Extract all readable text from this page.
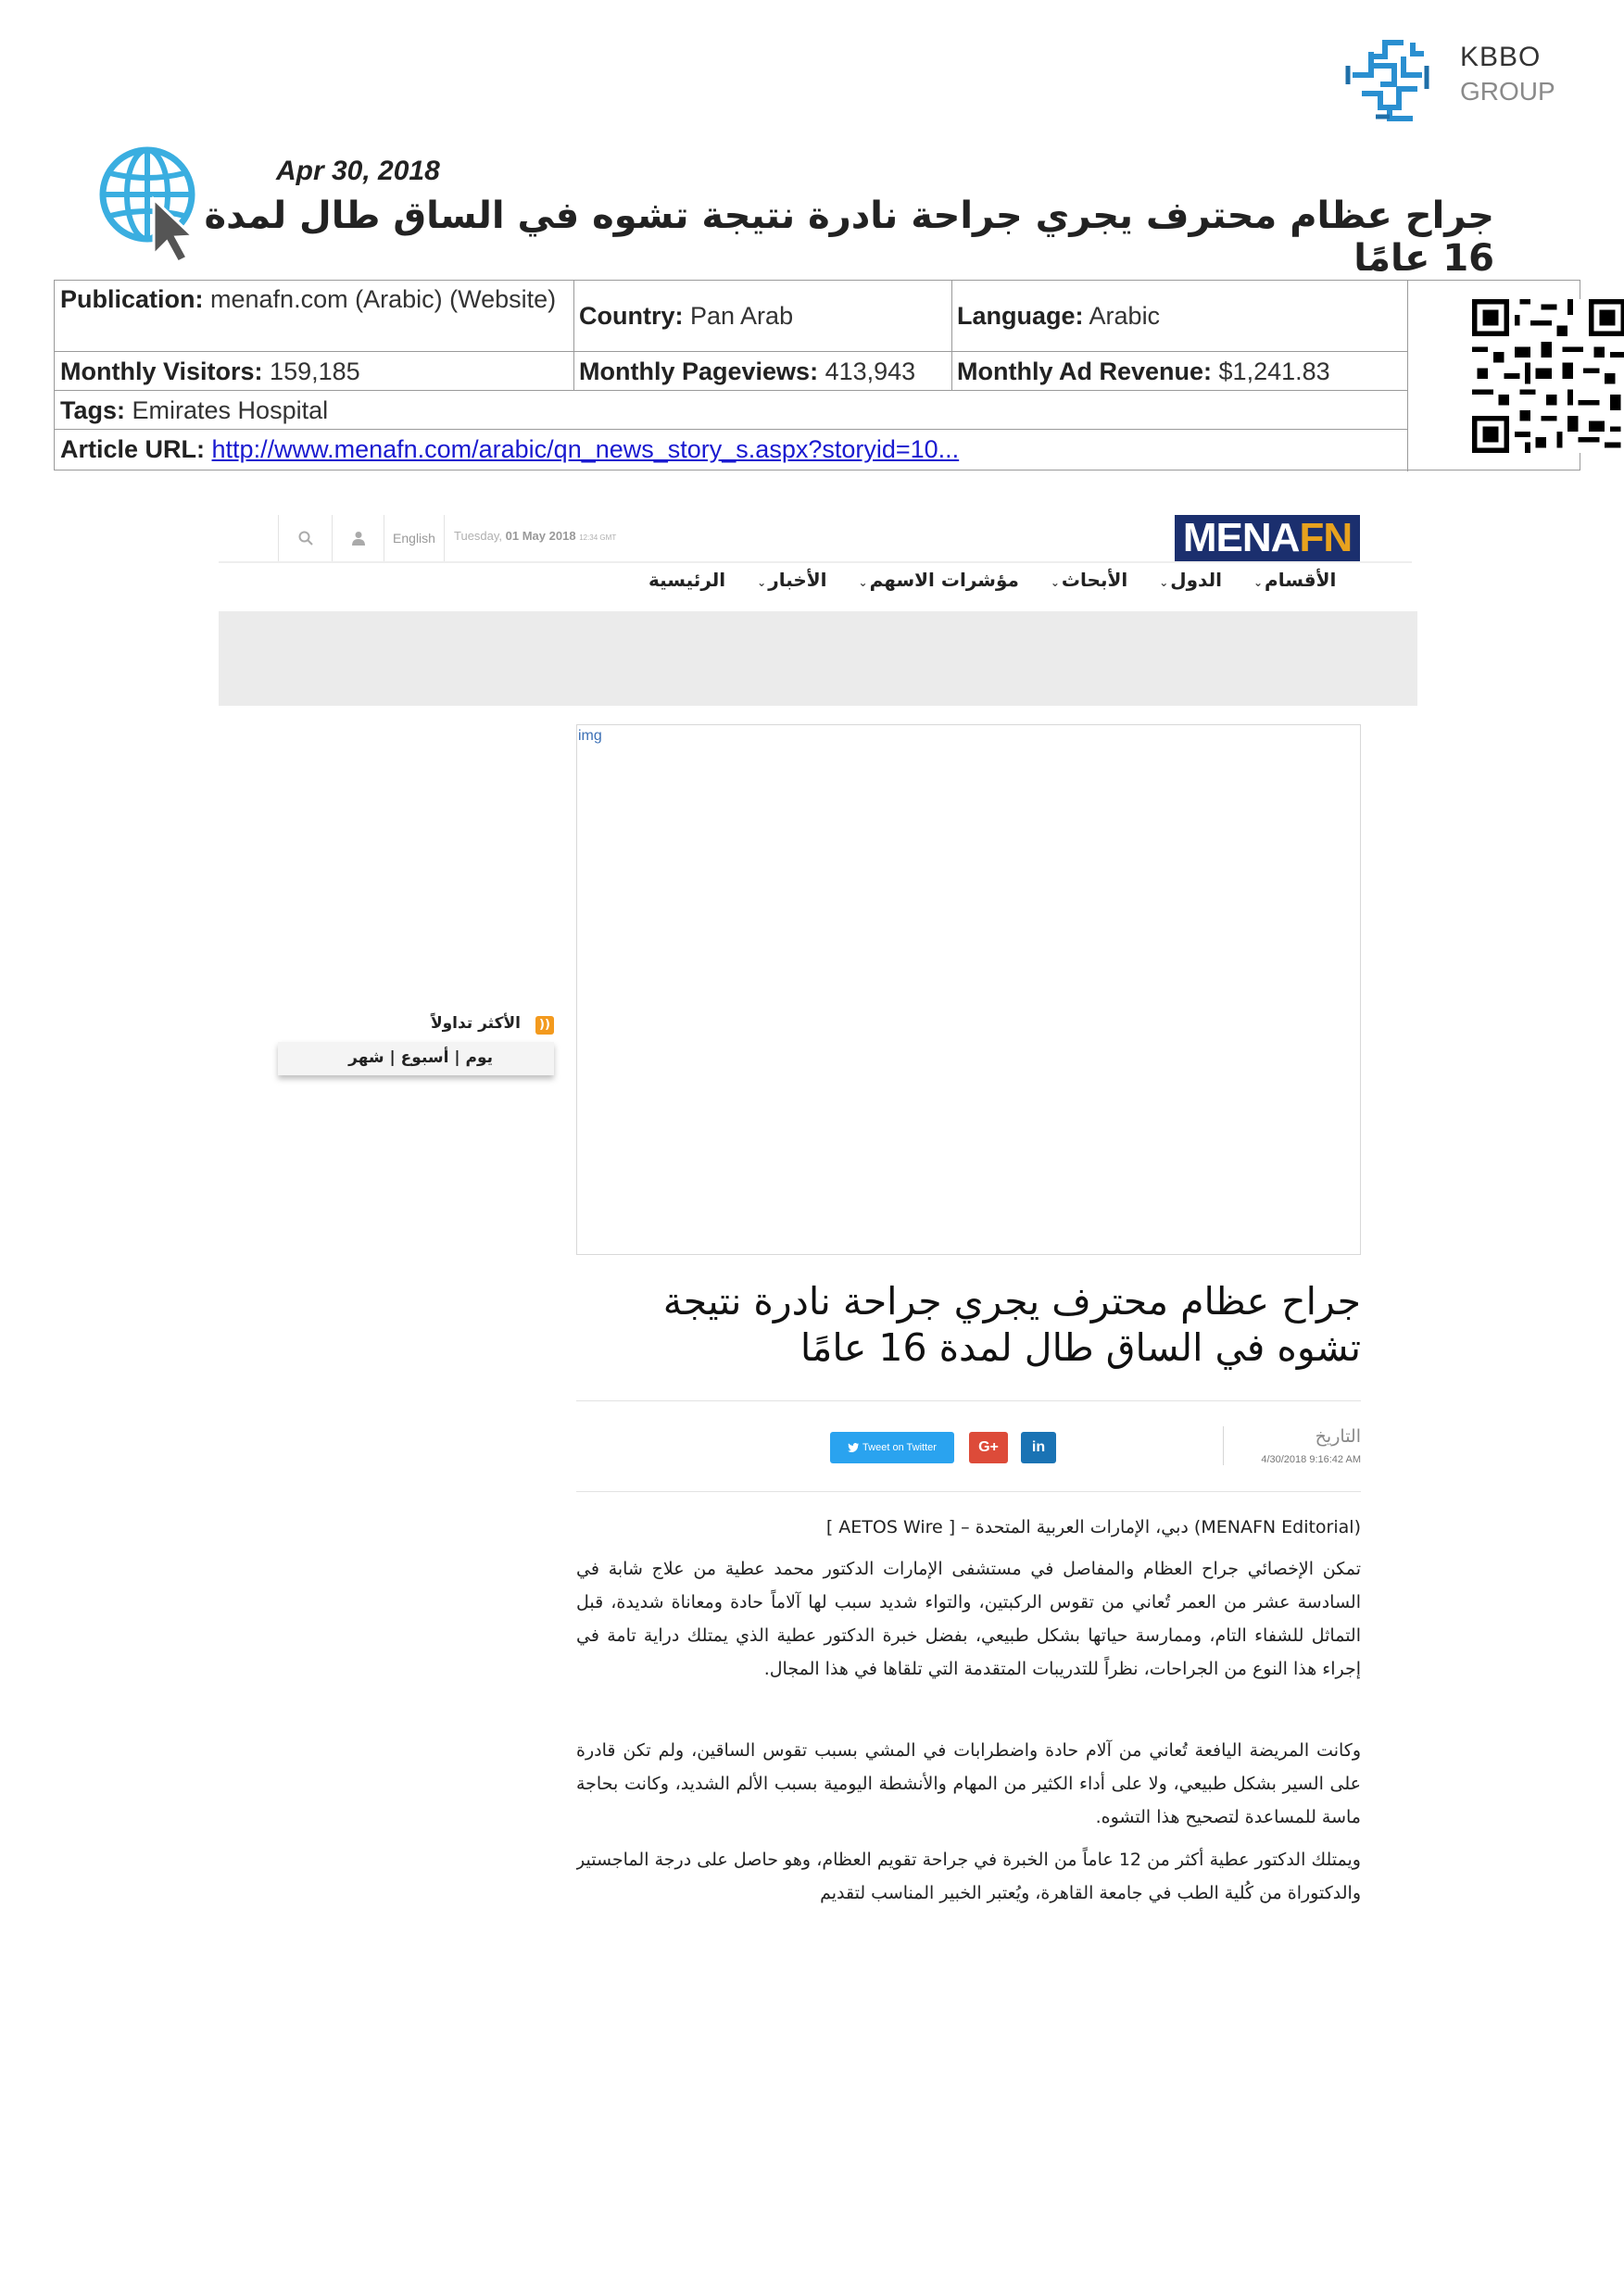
KBBO
GROUP
Apr 30, 2018
جراح عظام محترف يجري جراحة نادرة نتيجة تشوه في الساق طال لمدة 16 عامًا
Publication: menafn.com (Arabic) (Website)
Country: Pan Arab	Language: Arabic
Monthly Visitors: 159,185	Monthly Pageviews: 413,943	Monthly Ad Revenue: $1,241.83
Tags: Emirates Hospital
Article URL: http://www.menafn.com/arabic/qn_news_story_s.aspx?storyid=10...
English	Tuesday, 01 May 2018 12:34 GMT	MENAFN
الرئيسية	الأخبار⌄	مؤشرات الاسهم⌄	الأبحاث⌄	الدول⌄	الأقسام⌄
img
))
الأكثر تداولاً
يوم | أسبوع | شهر
جراح عظام محترف يجري جراحة نادرة نتيجة تشوه في الساق طال لمدة 16 عامًا
التاريخ
4/30/2018 9:16:42 AM
Tweet on Twitter	G+	in
(MENAFN Editorial) دبي، الإمارات العربية المتحدة – [ AETOS Wire ]
تمكن الإخصائي جراح العظام والمفاصل في مستشفى الإمارات الدكتور محمد عطية من علاج شابة في السادسة عشر من العمر تُعاني من تقوس الركبتين، والتواء شديد سبب لها آلاماً حادة ومعاناة شديدة، قبل التماثل للشفاء التام، وممارسة حياتها بشكل طبيعي، بفضل خبرة الدكتور عطية الذي يمتلك دراية تامة في إجراء هذا النوع من الجراحات، نظراً للتدريبات المتقدمة التي تلقاها في هذا المجال.
وكانت المريضة اليافعة تُعاني من آلام حادة واضطرابات في المشي بسبب تقوس الساقين، ولم تكن قادرة على السير بشكل طبيعي، ولا على أداء الكثير من المهام والأنشطة اليومية بسبب الألم الشديد، وكانت بحاجة ماسة للمساعدة لتصحيح هذا التشوه.
ويمتلك الدكتور عطية أكثر من 12 عاماً من الخبرة في جراحة تقويم العظام، وهو حاصل على درجة الماجستير والدكتوراة من كُلية الطب في جامعة القاهرة، ويُعتبر الخبير المناسب لتقديم
